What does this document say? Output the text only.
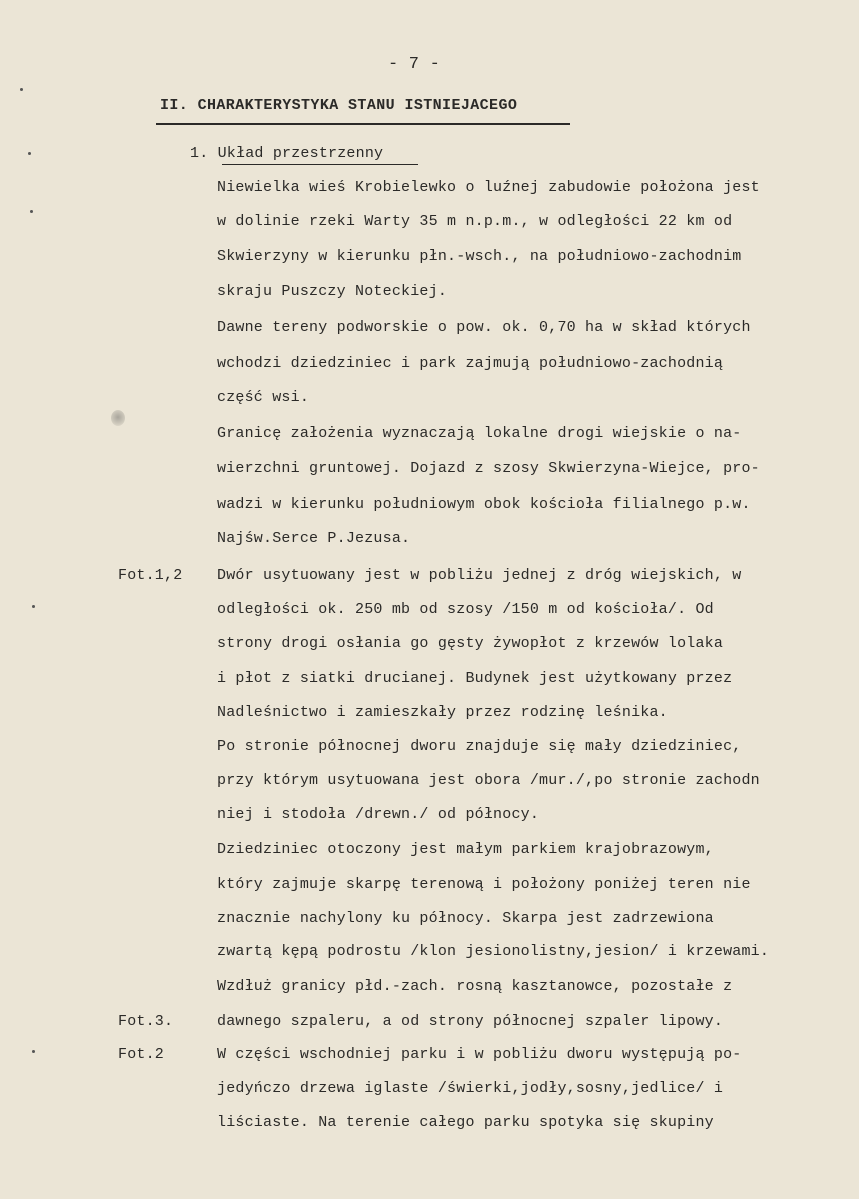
- 7 -
II. CHARAKTERYSTYKA STANU ISTNIEJACEGO
1. Układ przestrzenny
Fot.1,2
Fot.3.
Fot.2
Niewielka wieś Krobielewko o luźnej zabudowie położona jest
w dolinie rzeki Warty 35 m n.p.m., w odległości 22 km od
Skwierzyny w kierunku płn.-wsch., na południowo-zachodnim
skraju Puszczy Noteckiej.
Dawne tereny podworskie o pow. ok. 0,70 ha w skład których
wchodzi dziedziniec i park zajmują południowo-zachodnią
część wsi.
Granicę założenia wyznaczają lokalne drogi wiejskie o na-
wierzchni gruntowej. Dojazd z szosy Skwierzyna-Wiejce, pro-
wadzi w kierunku południowym obok kościoła filialnego p.w.
Najśw.Serce P.Jezusa.
Dwór usytuowany jest w pobliżu jednej z dróg wiejskich, w
odległości ok. 250 mb od szosy /150 m od kościoła/. Od
strony drogi osłania go gęsty żywopłot z krzewów lolaka
i płot z siatki drucianej. Budynek jest użytkowany przez
Nadleśnictwo i zamieszkały przez rodzinę leśnika.
Po stronie północnej dworu znajduje się mały dziedziniec,
przy którym usytuowana jest obora /mur./,po stronie zachodn
niej i stodoła /drewn./ od północy.
Dziedziniec otoczony jest małym parkiem krajobrazowym,
który zajmuje skarpę terenową i położony poniżej teren nie
znacznie nachylony ku północy. Skarpa jest zadrzewiona
zwartą kępą podrostu /klon jesionolistny,jesion/ i krzewami.
Wzdłuż granicy płd.-zach. rosną kasztanowce, pozostałe z
dawnego szpaleru, a od strony północnej szpaler lipowy.
W części wschodniej parku i w pobliżu dworu występują po-
jedyńczo drzewa iglaste /świerki,jodły,sosny,jedlice/ i
liściaste. Na terenie całego parku spotyka się skupiny
